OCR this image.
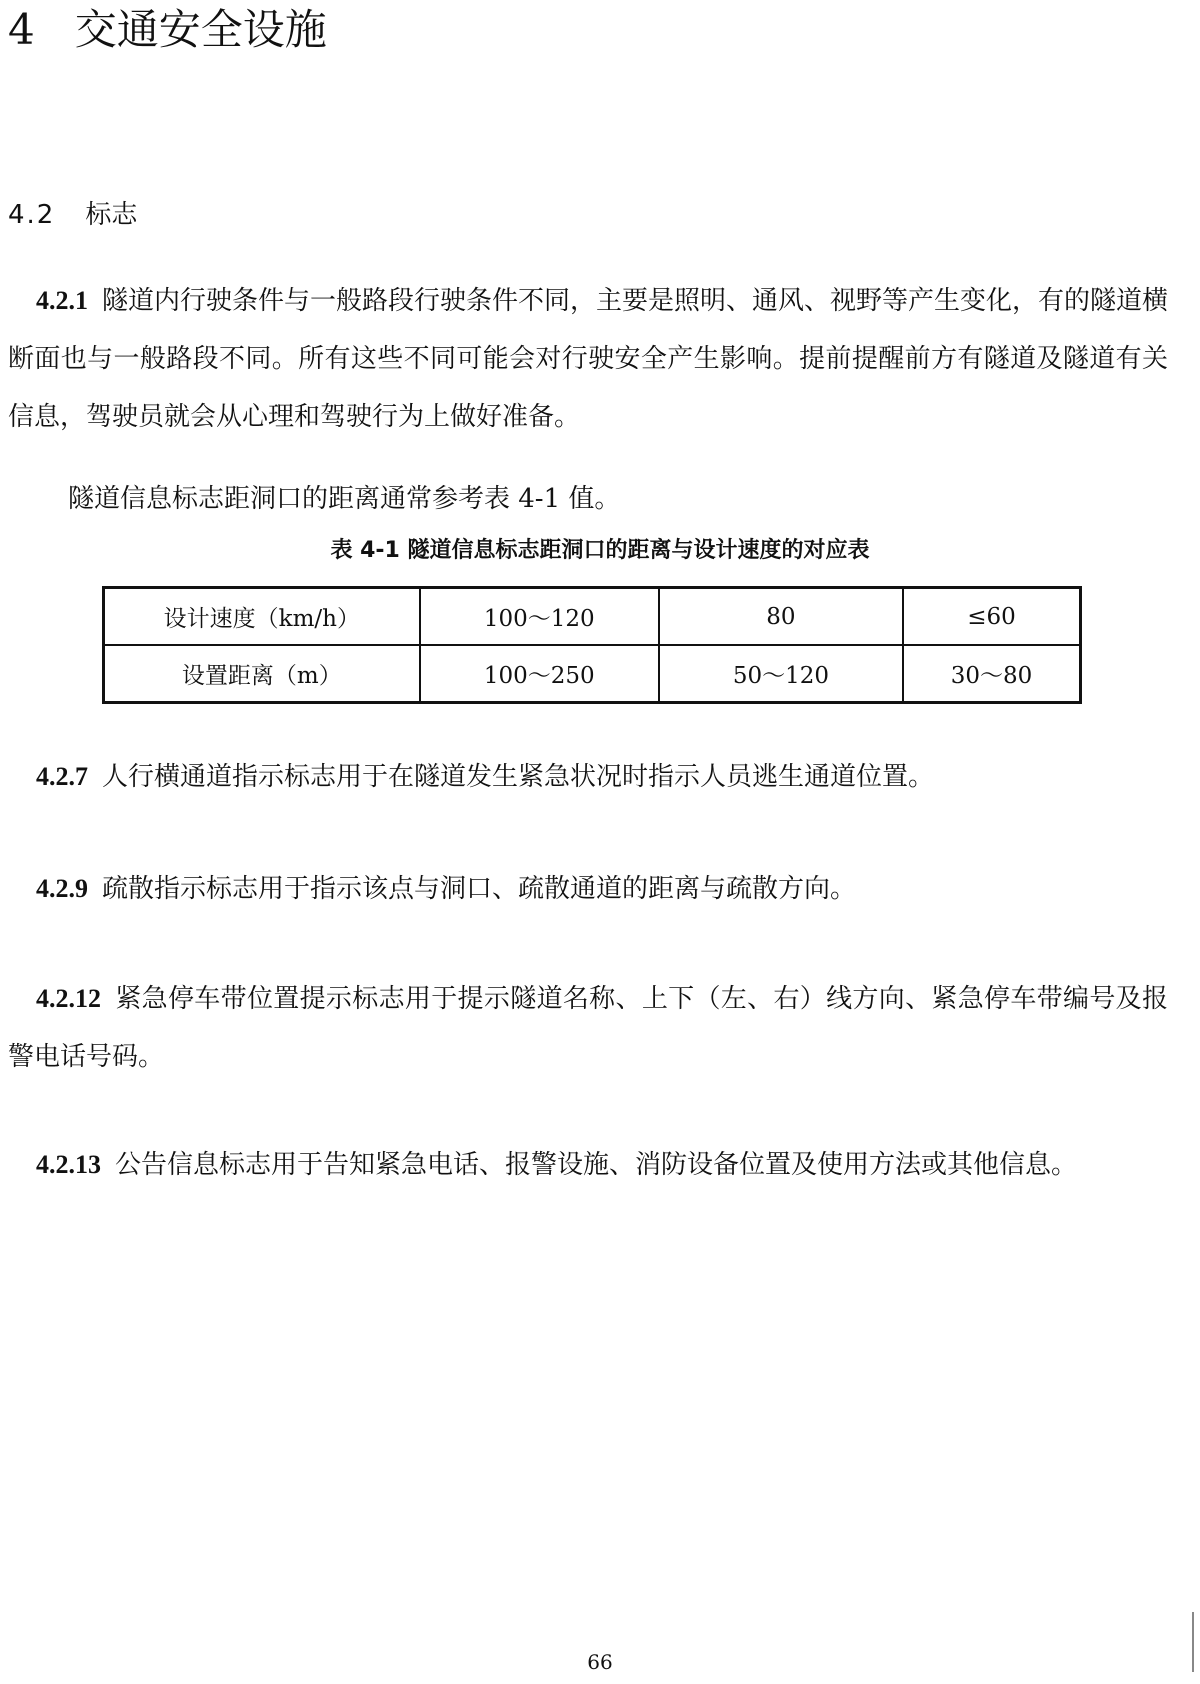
4 交通安全设施
4.2 标志

4.2.1 隧道内行驶条件与一般路段行驶条件不同，主要是照明、通风、视野等产生变化，有的隧道横断面也与一般路段不同。所有这些不同可能会对行驶安全产生影响。提前提醒前方有隧道及隧道有关信息，驾驶员就会从心理和驾驶行为上做好准备。

隧道信息标志距洞口的距离通常参考表 4-1 值。

表 4-1 隧道信息标志距洞口的距离与设计速度的对应表

设计速度（km/h）	100～120	80	≤60
设置距离（m）	100～250	50～120	30～80

4.2.7 人行横通道指示标志用于在隧道发生紧急状况时指示人员逃生通道位置。

4.2.9 疏散指示标志用于指示该点与洞口、疏散通道的距离与疏散方向。

4.2.12 紧急停车带位置提示标志用于提示隧道名称、上下（左、右）线方向、紧急停车带编号及报警电话号码。

4.2.13 公告信息标志用于告知紧急电话、报警设施、消防设备位置及使用方法或其他信息。

66
